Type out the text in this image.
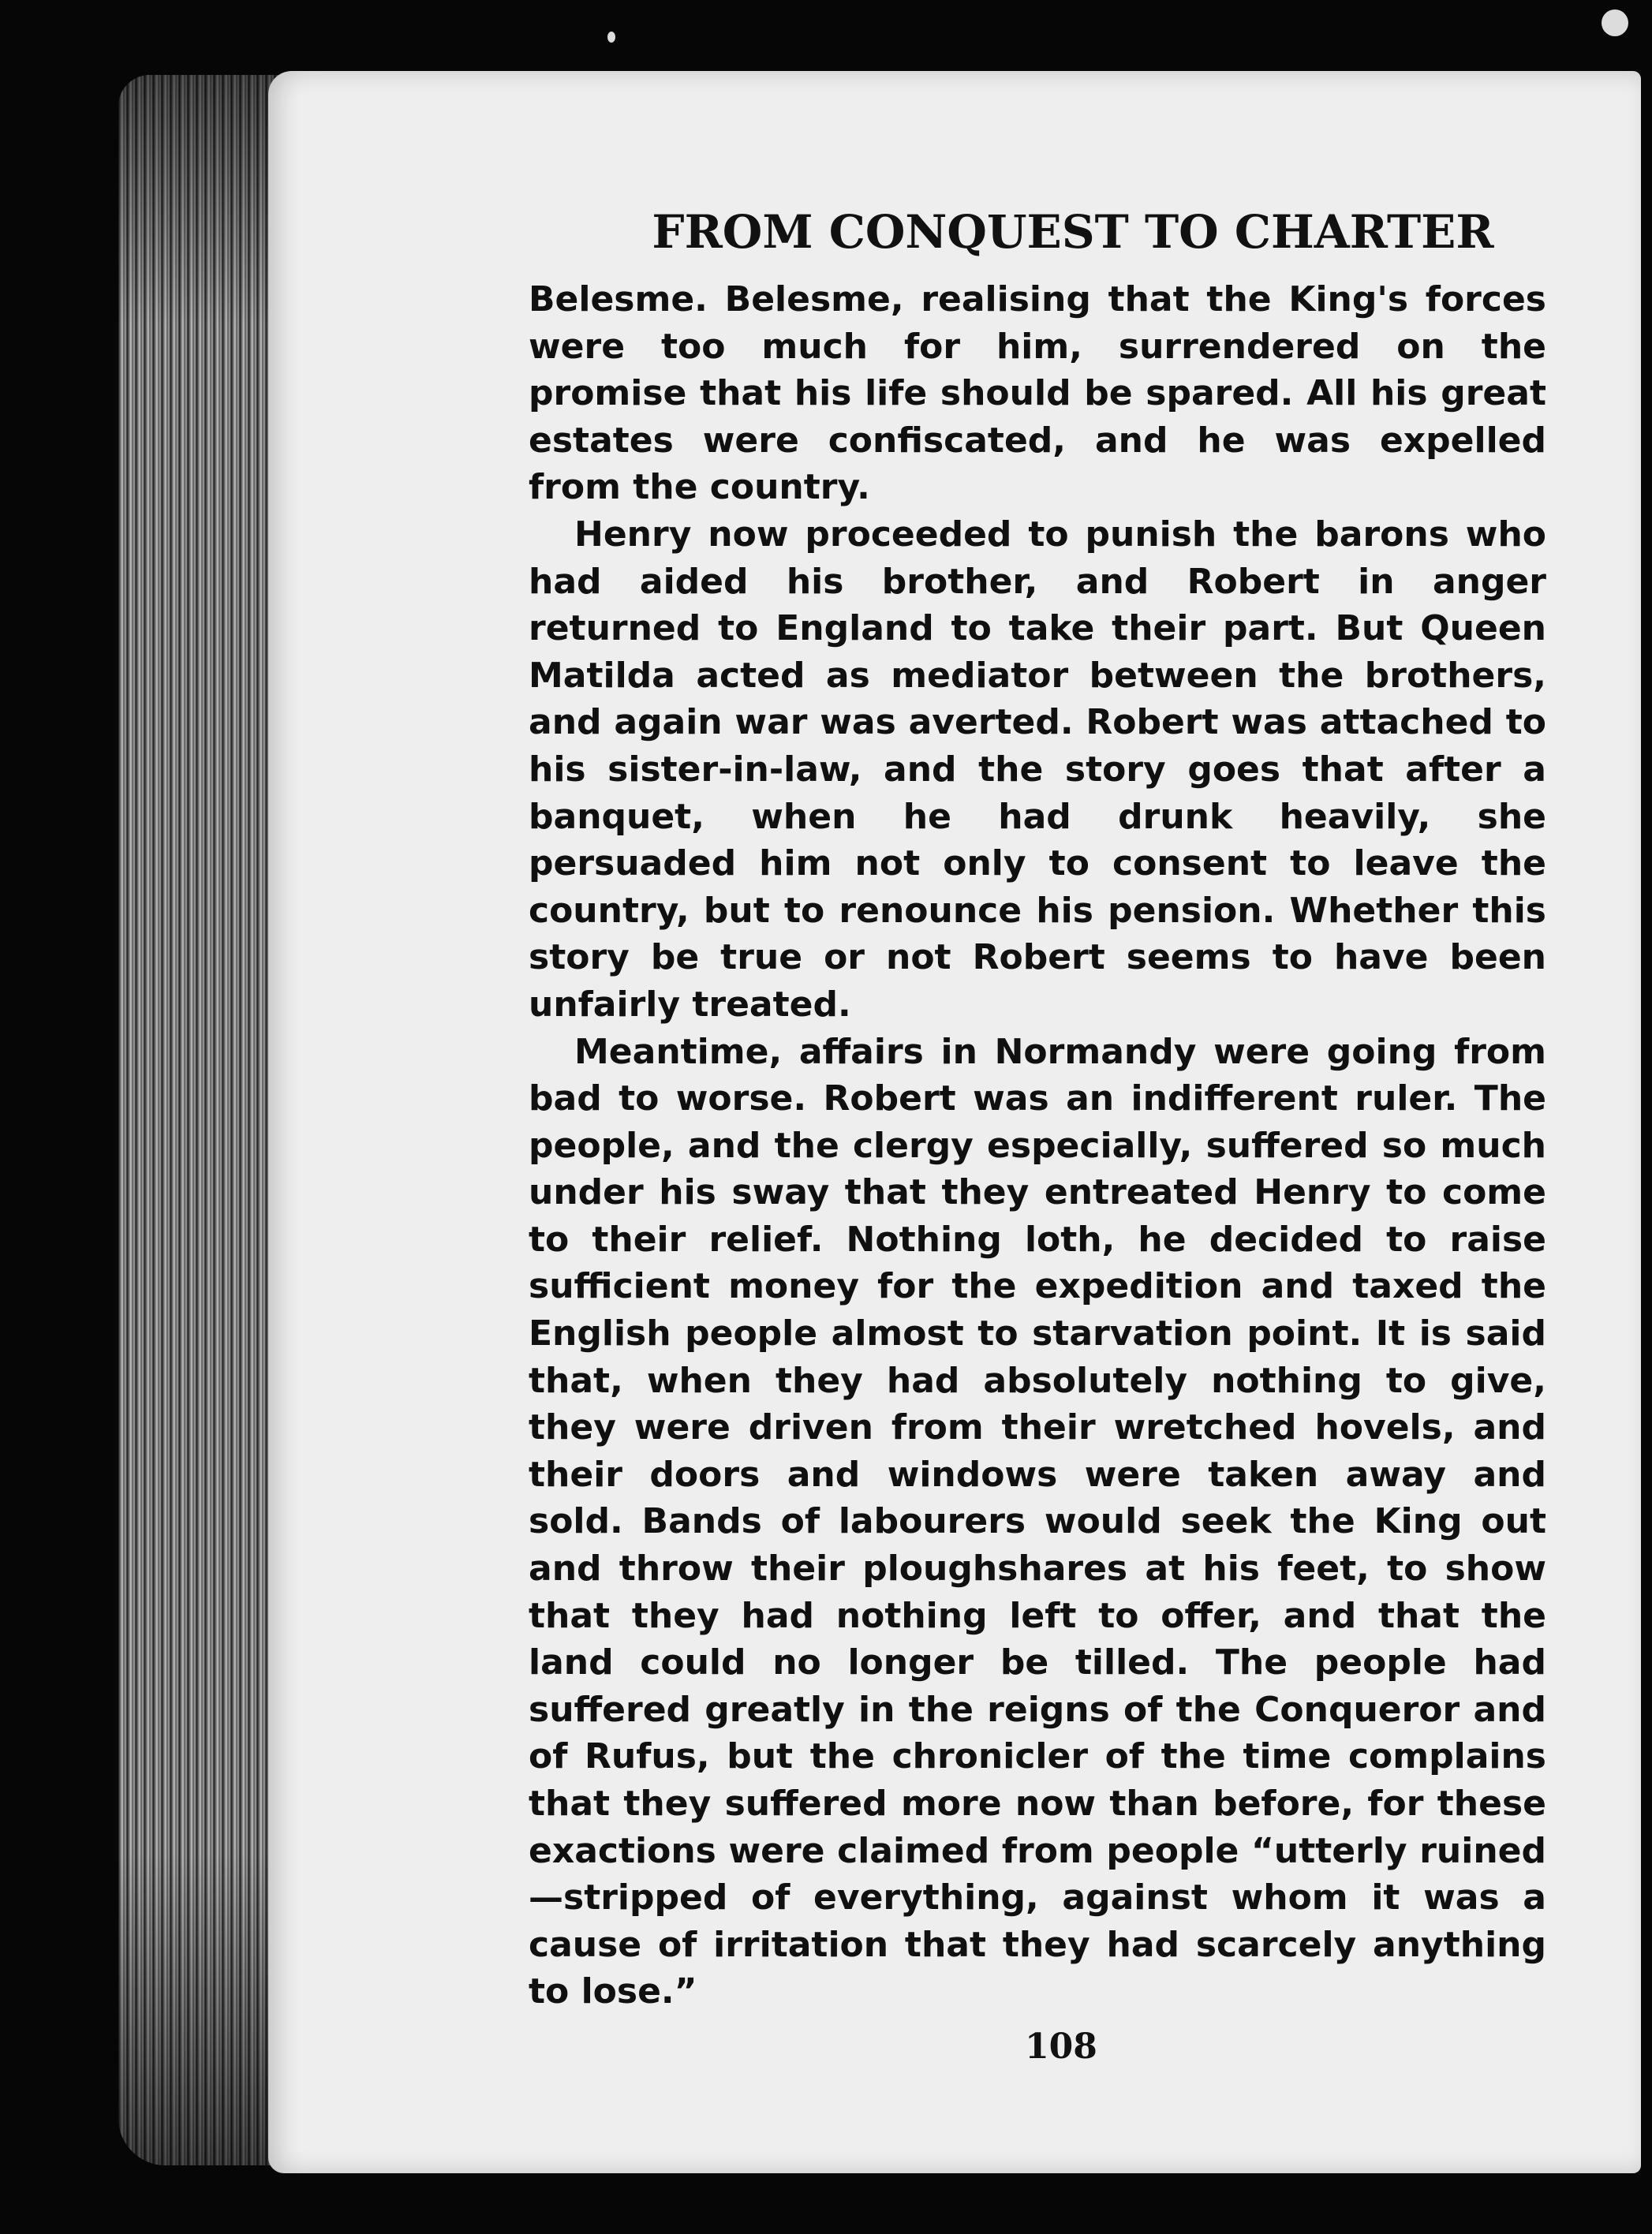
FROM CONQUEST TO CHARTER

Belesme. Belesme, realising that the King's forces were too much for him, surrendered on the promise that his life should be spared. All his great estates were confiscated, and he was expelled from the country.

Henry now proceeded to punish the barons who had aided his brother, and Robert in anger returned to England to take their part. But Queen Matilda acted as mediator between the brothers, and again war was averted. Robert was attached to his sister-in-law, and the story goes that after a banquet, when he had drunk heavily, she persuaded him not only to consent to leave the country, but to renounce his pension. Whether this story be true or not Robert seems to have been unfairly treated.

Meantime, affairs in Normandy were going from bad to worse. Robert was an indifferent ruler. The people, and the clergy especially, suffered so much under his sway that they entreated Henry to come to their relief. Nothing loth, he decided to raise sufficient money for the expedition and taxed the English people almost to starvation point. It is said that, when they had absolutely nothing to give, they were driven from their wretched hovels, and their doors and windows were taken away and sold. Bands of labourers would seek the King out and throw their ploughshares at his feet, to show that they had nothing left to offer, and that the land could no longer be tilled. The people had suffered greatly in the reigns of the Conqueror and of Rufus, but the chronicler of the time complains that they suffered more now than before, for these exactions were claimed from people “utterly ruined—stripped of everything, against whom it was a cause of irritation that they had scarcely anything to lose.”

108
